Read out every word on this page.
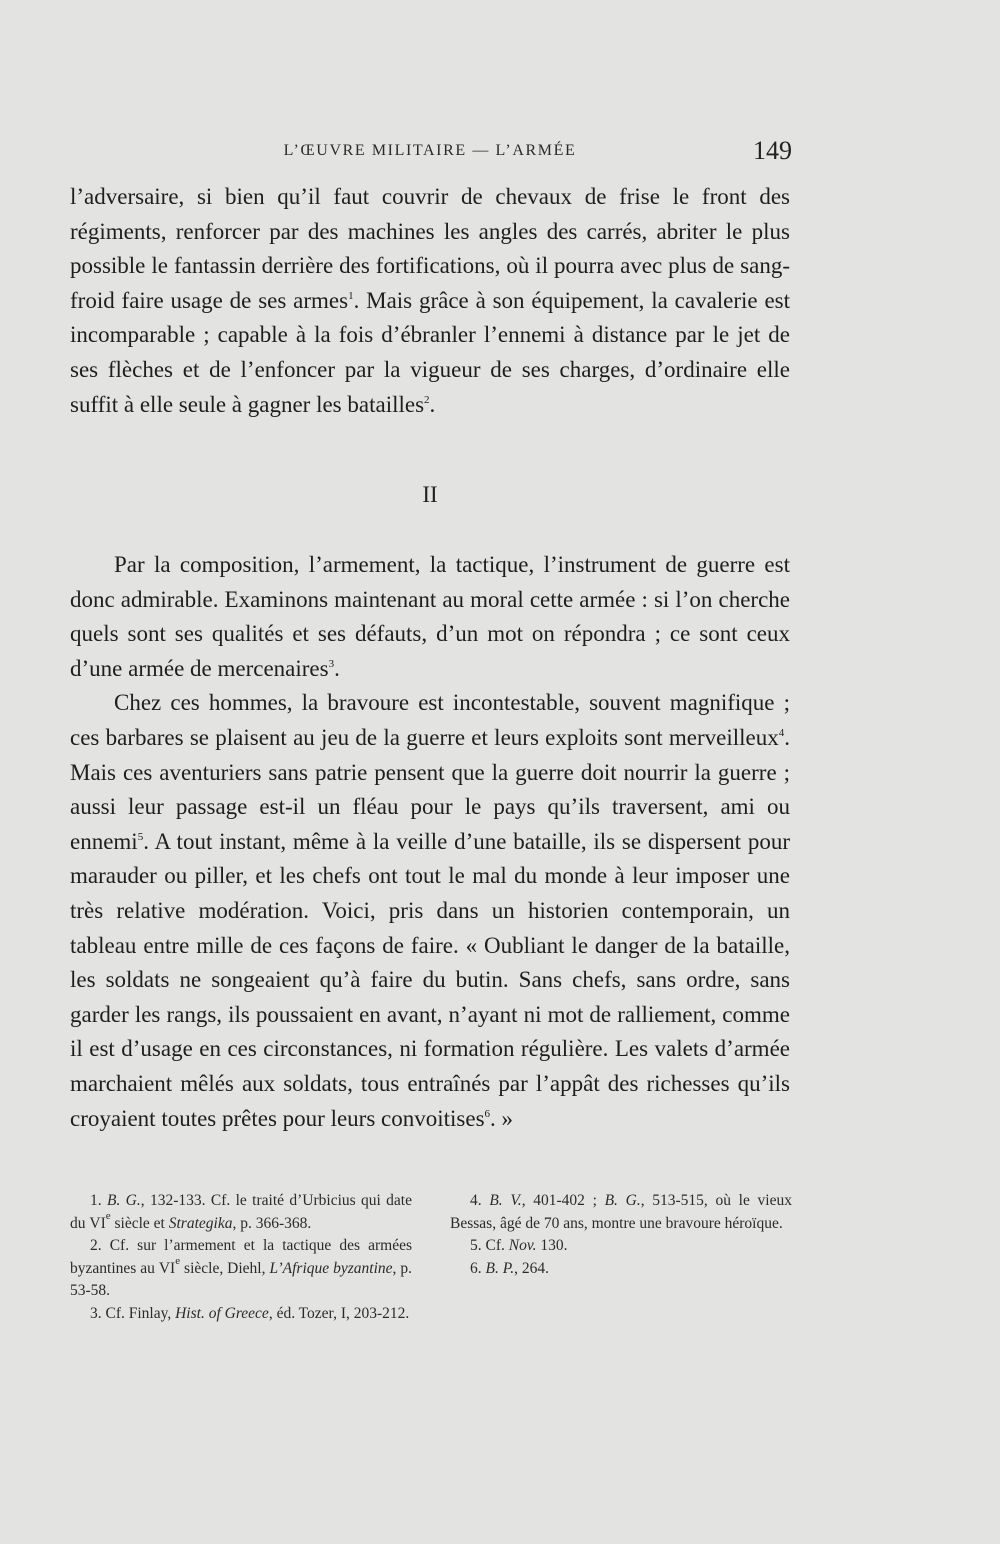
L’ŒUVRE MILITAIRE — L’ARMÉE	149

l’adversaire, si bien qu’il faut couvrir de chevaux de frise le front des régiments, renforcer par des machines les angles des carrés, abriter le plus possible le fantassin derrière des fortifications, où il pourra avec plus de sang-froid faire usage de ses armes$^1$. Mais grâce à son équipement, la cavalerie est incomparable ; capable à la fois d’ébranler l’ennemi à distance par le jet de ses flèches et de l’enfoncer par la vigueur de ses charges, d’ordinaire elle suffit à elle seule à gagner les batailles$^2$.

II

Par la composition, l’armement, la tactique, l’instrument de guerre est donc admirable. Examinons maintenant au moral cette armée : si l’on cherche quels sont ses qualités et ses défauts, d’un mot on répondra ; ce sont ceux d’une armée de mercenaires$^3$.

Chez ces hommes, la bravoure est incontestable, souvent magnifique ; ces barbares se plaisent au jeu de la guerre et leurs exploits sont merveilleux$^4$. Mais ces aventuriers sans patrie pensent que la guerre doit nourrir la guerre ; aussi leur passage est-il un fléau pour le pays qu’ils traversent, ami ou ennemi$^5$. A tout instant, même à la veille d’une bataille, ils se dispersent pour marauder ou piller, et les chefs ont tout le mal du monde à leur imposer une très relative modération. Voici, pris dans un historien contemporain, un tableau entre mille de ces façons de faire. « Oubliant le danger de la bataille, les soldats ne songeaient qu’à faire du butin. Sans chefs, sans ordre, sans garder les rangs, ils poussaient en avant, n’ayant ni mot de ralliement, comme il est d’usage en ces circonstances, ni formation régulière. Les valets d’armée marchaient mêlés aux soldats, tous entraînés par l’appât des richesses qu’ils croyaient toutes prêtes pour leurs convoitises$^6$. »

1. B. G., 132-133. Cf. le traité d’Urbicius qui date du VIe siècle et Strategika, p. 366-368.

2. Cf. sur l’armement et la tactique des armées byzantines au VIe siècle, Diehl, L’Afrique byzantine, p. 53-58.

3. Cf. Finlay, Hist. of Greece, éd. Tozer, I, 203-212.

4. B. V., 401-402 ; B. G., 513-515, où le vieux Bessas, âgé de 70 ans, montre une bravoure héroïque.

5. Cf. Nov. 130.

6. B. P., 264.
